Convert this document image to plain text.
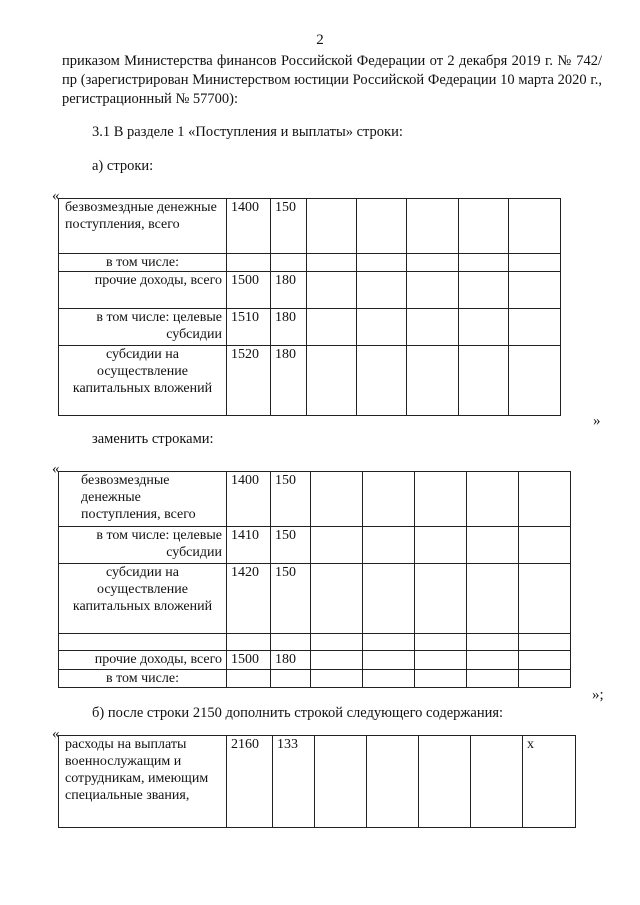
2

приказом Министерства финансов Российской Федерации от 2 декабря 2019 г. № 742/пр (зарегистрирован Министерством юстиции Российской Федерации 10 марта 2020 г., регистрационный № 57700):

3.1 В разделе 1 «Поступления и выплаты» строки:
а) строки:
«
безвозмездные денежные поступления, всего	1400	150					
в том числе:							
прочие доходы, всего	1500	180					
в том числе: целевые субсидии	1510	180					
субсидии на осуществление капитальных вложений	1520	180					
»
заменить строками:
«
безвозмездные денежные поступления, всего	1400	150					
в том числе: целевые субсидии	1410	150					
субсидии на осуществление капитальных вложений	1420	150					

прочие доходы, всего	1500	180					
в том числе:							
»;
б) после строки 2150 дополнить строкой следующего содержания:
«
расходы на выплаты военнослужащим и сотрудникам, имеющим специальные звания,	2160	133					x
